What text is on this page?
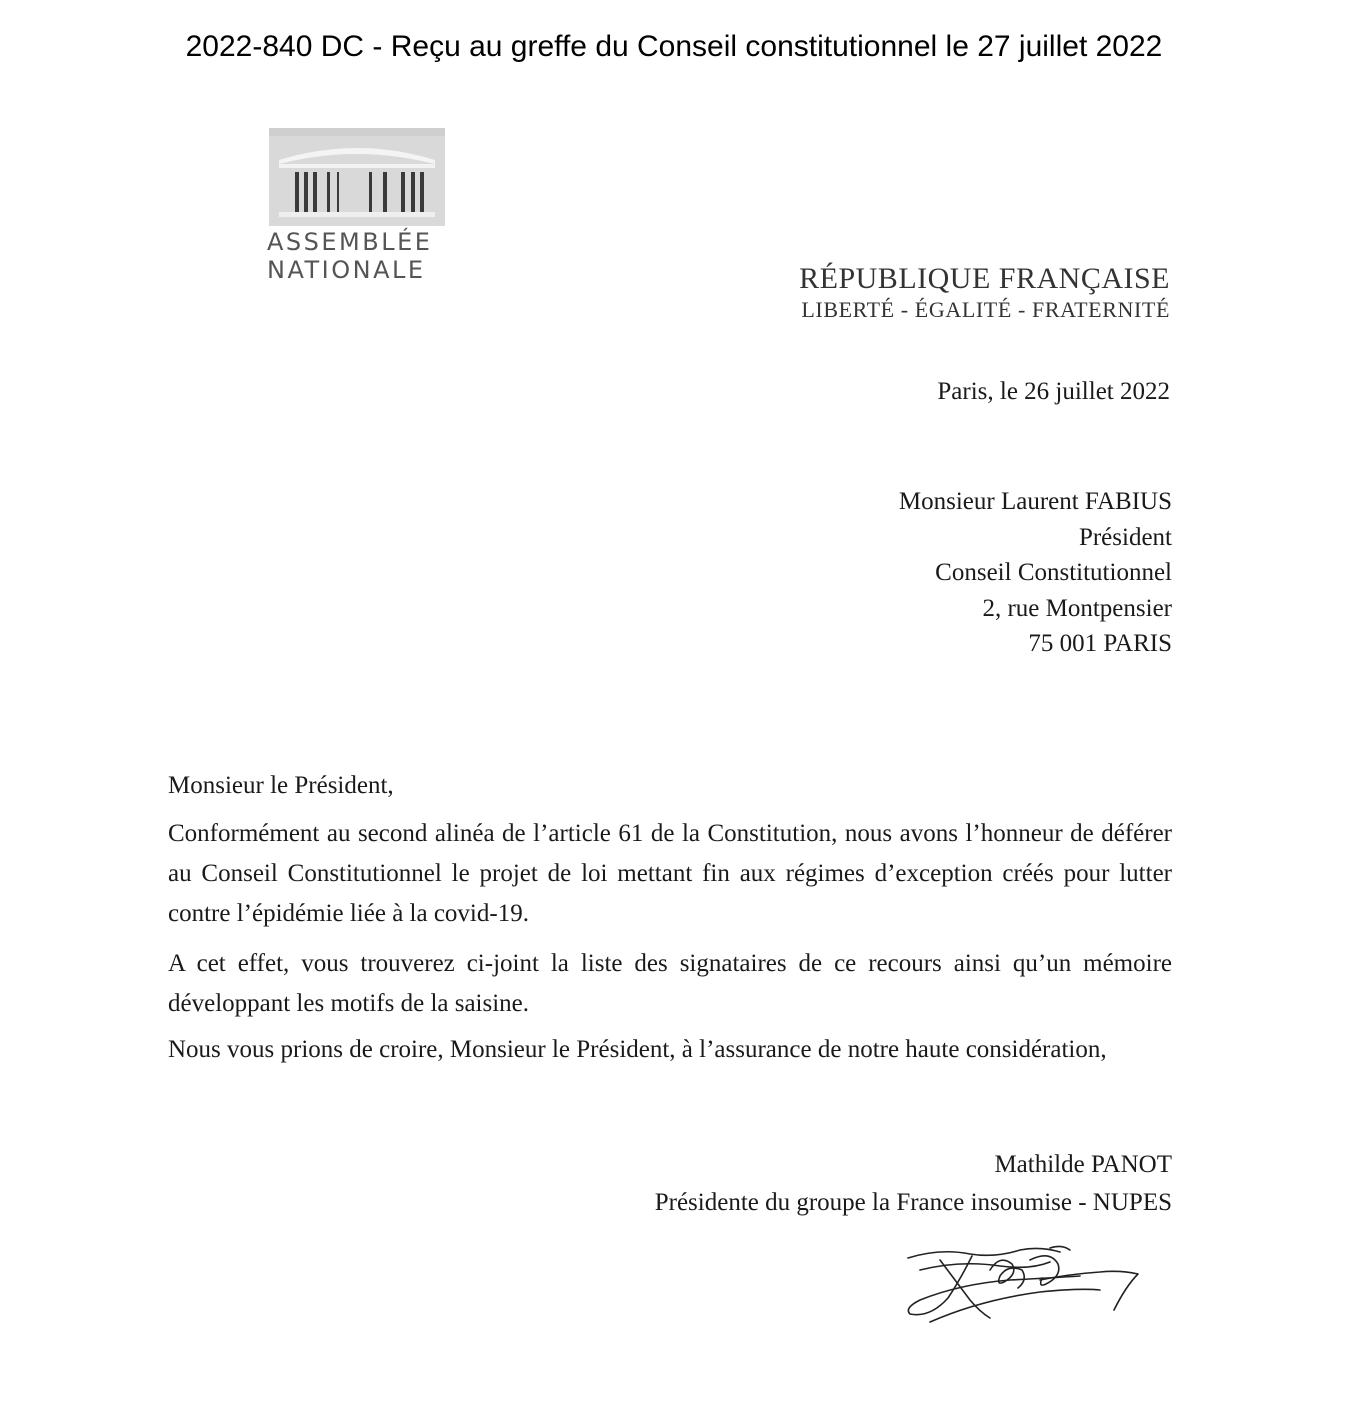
2022-840 DC - Reçu au greffe du Conseil constitutionnel le 27 juillet 2022
ASSEMBLÉE
NATIONALE	RÉPUBLIQUE FRANÇAISE
LIBERTÉ - ÉGALITÉ - FRATERNITÉ
Paris, le 26 juillet 2022
Monsieur Laurent FABIUS
Président
Conseil Constitutionnel
2, rue Montpensier
75 001 PARIS

Monsieur le Président,

Conformément au second alinéa de l’article 61 de la Constitution, nous avons l’honneur de déférer au Conseil Constitutionnel le projet de loi mettant fin aux régimes d’exception créés pour lutter contre l’épidémie liée à la covid-19.

A cet effet, vous trouverez ci-joint la liste des signataires de ce recours ainsi qu’un mémoire développant les motifs de la saisine.

Nous vous prions de croire, Monsieur le Président, à l’assurance de notre haute considération,

Mathilde PANOT
Présidente du groupe la France insoumise - NUPES
